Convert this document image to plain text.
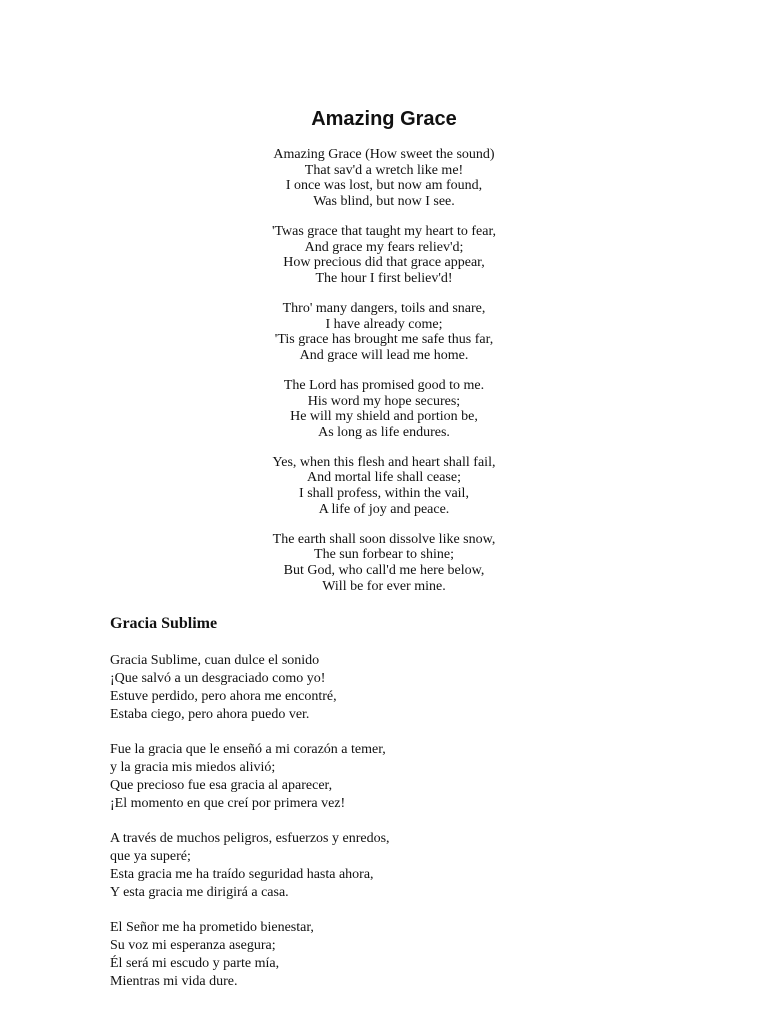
Amazing Grace
Amazing Grace (How sweet the sound)
That sav'd a wretch like me!
I once was lost, but now am found,
Was blind, but now I see.
'Twas grace that taught my heart to fear,
And grace my fears reliev'd;
How precious did that grace appear,
The hour I first believ'd!
Thro' many dangers, toils and snare,
I have already come;
'Tis grace has brought me safe thus far,
And grace will lead me home.
The Lord has promised good to me.
His word my hope secures;
He will my shield and portion be,
As long as life endures.
Yes, when this flesh and heart shall fail,
And mortal life shall cease;
I shall profess, within the vail,
A life of joy and peace.
The earth shall soon dissolve like snow,
The sun forbear to shine;
But God, who call'd me here below,
Will be for ever mine.
Gracia Sublime
Gracia Sublime, cuan dulce el sonido
¡Que salvó a un desgraciado como yo!
Estuve perdido, pero ahora me encontré,
Estaba ciego, pero ahora puedo ver.
Fue la gracia que le enseñó a mi corazón a temer,
y la gracia mis miedos alivió;
Que precioso fue esa gracia al aparecer,
¡El momento en que creí por primera vez!
A través de muchos peligros, esfuerzos y enredos,
que ya superé;
Esta gracia me ha traído seguridad hasta ahora,
Y esta gracia me dirigirá a casa.
El Señor me ha prometido bienestar,
Su voz mi esperanza asegura;
Él será mi escudo y parte mía,
Mientras mi vida dure.
